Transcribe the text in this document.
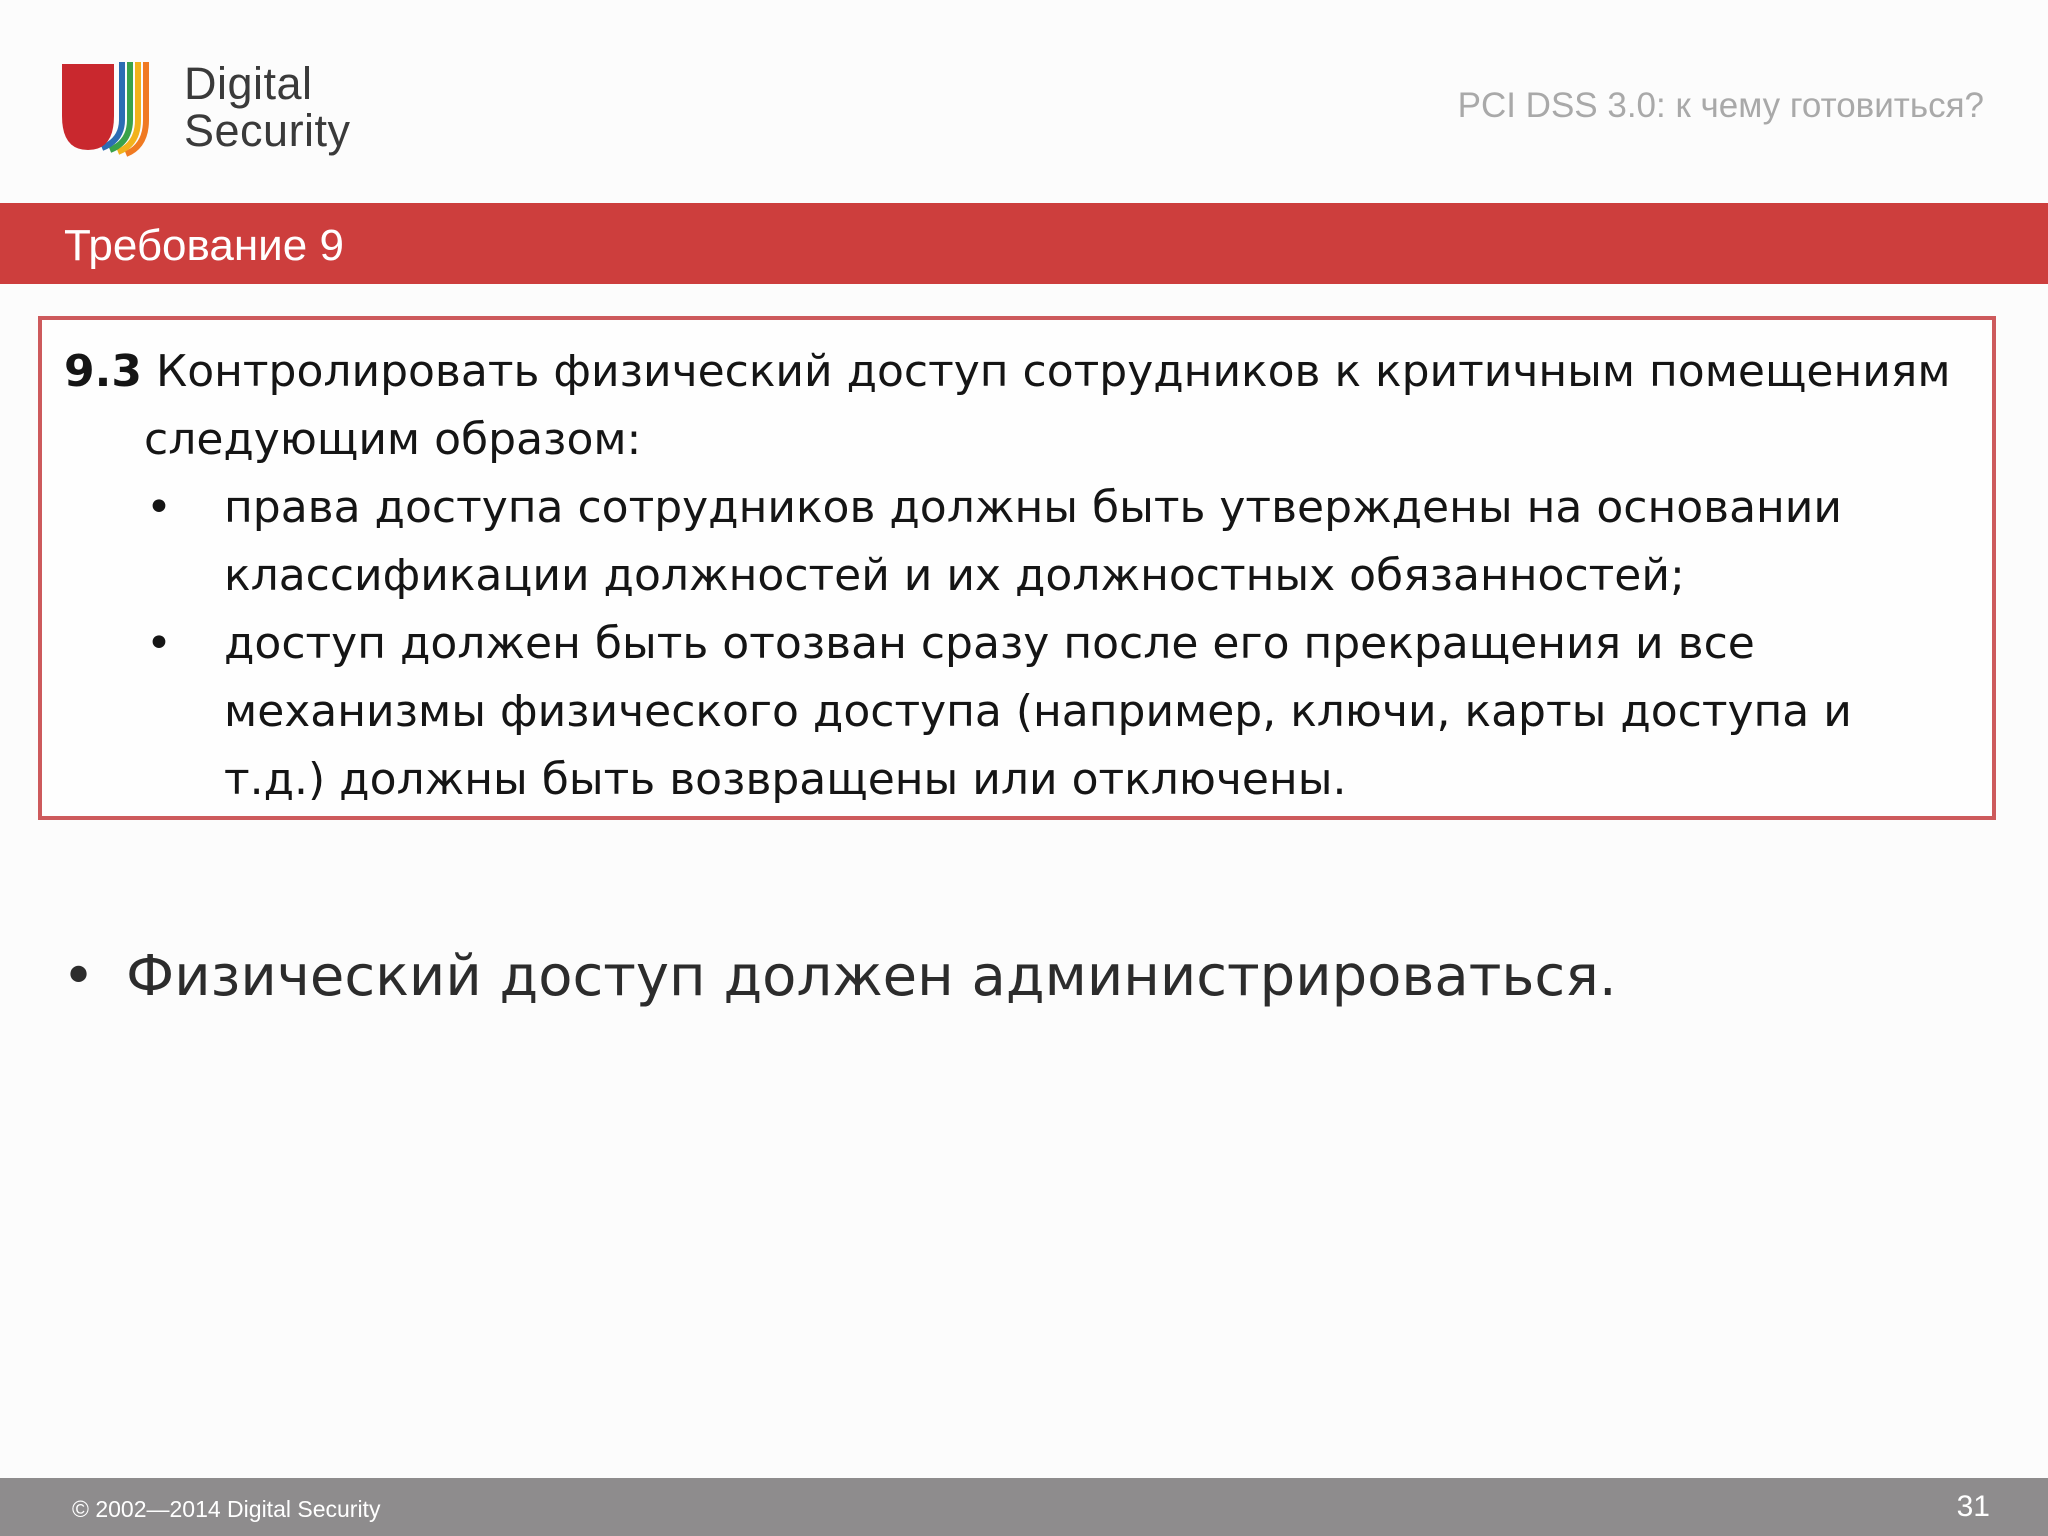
Digital
Security	PCI DSS 3.0: к чему готовиться?
Требование 9

9.3 Контролировать физический доступ сотрудников к критичным помещениям следующим образом:

• права доступа сотрудников должны быть утверждены на основании классификации должностей и их должностных обязанностей;
• доступ должен быть отозван сразу после его прекращения и все механизмы физического доступа (например, ключи, карты доступа и т.д.) должны быть возвращены или отключены.
• Физический доступ должен администрироваться.
© 2002—2014 Digital Security	31
